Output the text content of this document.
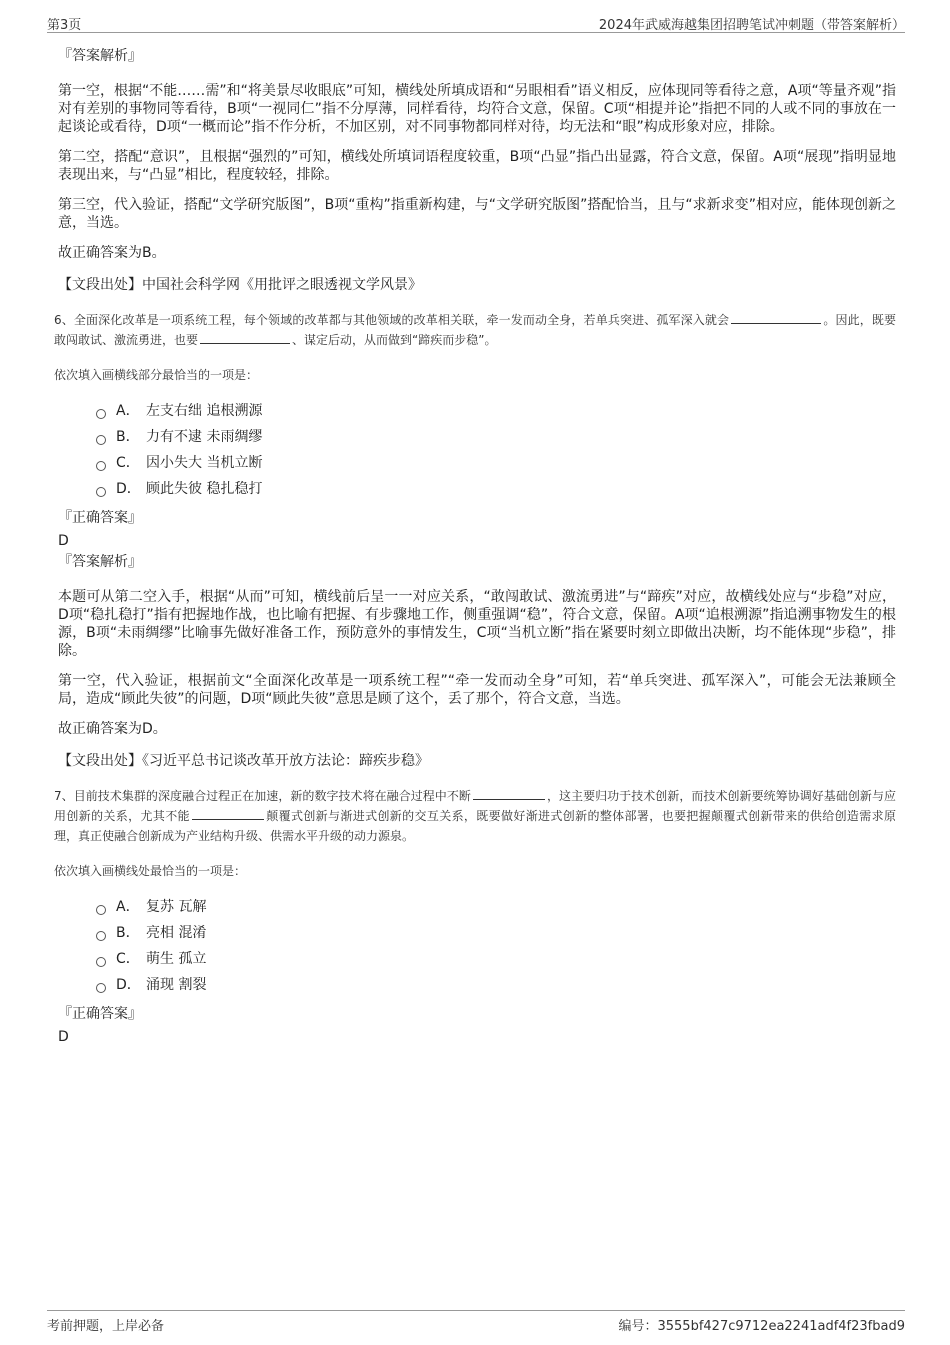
第3页	2024年武威海越集团招聘笔试冲刺题（带答案解析）
『答案解析』

第一空，根据“不能……需”和“将美景尽收眼底”可知，横线处所填成语和“另眼相看”语义相反，应体现同等看待之意，A项“等量齐观”指对有差别的事物同等看待，B项“一视同仁”指不分厚薄，同样看待，均符合文意，保留。C项“相提并论”指把不同的人或不同的事放在一起谈论或看待，D项“一概而论”指不作分析，不加区别，对不同事物都同样对待，均无法和“眼”构成形象对应，排除。

第二空，搭配“意识”，且根据“强烈的”可知，横线处所填词语程度较重，B项“凸显”指凸出显露，符合文意，保留。A项“展现”指明显地表现出来，与“凸显”相比，程度较轻，排除。

第三空，代入验证，搭配“文学研究版图”，B项“重构”指重新构建，与“文学研究版图”搭配恰当，且与“求新求变”相对应，能体现创新之意，当选。

故正确答案为B。

【文段出处】中国社会科学网《用批评之眼透视文学风景》

6、全面深化改革是一项系统工程，每个领域的改革都与其他领域的改革相关联，牵一发而动全身，若单兵突进、孤军深入就会	。因此，既要敢闯敢试、激流勇进，也要	、谋定后动，从而做到“蹄疾而步稳”。

依次填入画横线部分最恰当的一项是：

A． 左支右绌 追根溯源
B． 力有不逮 未雨绸缪
C． 因小失大 当机立断
D． 顾此失彼 稳扎稳打
『正确答案』
D
『答案解析』

本题可从第二空入手，根据“从而”可知，横线前后呈一一对应关系，“敢闯敢试、激流勇进”与“蹄疾”对应，故横线处应与“步稳”对应，D项“稳扎稳打”指有把握地作战，也比喻有把握、有步骤地工作，侧重强调“稳”，符合文意，保留。A项“追根溯源”指追溯事物发生的根源，B项“未雨绸缪”比喻事先做好准备工作，预防意外的事情发生，C项“当机立断”指在紧要时刻立即做出决断，均不能体现“步稳”，排除。

第一空，代入验证，根据前文“全面深化改革是一项系统工程”“牵一发而动全身”可知，若“单兵突进、孤军深入”，可能会无法兼顾全局，造成“顾此失彼”的问题，D项“顾此失彼”意思是顾了这个，丢了那个，符合文意，当选。

故正确答案为D。

【文段出处】《习近平总书记谈改革开放方法论：蹄疾步稳》

7、目前技术集群的深度融合过程正在加速，新的数字技术将在融合过程中不断	，这主要归功于技术创新，而技术创新要统筹协调好基础创新与应用创新的关系，尤其不能	颠覆式创新与渐进式创新的交互关系，既要做好渐进式创新的整体部署，也要把握颠覆式创新带来的供给创造需求原理，真正使融合创新成为产业结构升级、供需水平升级的动力源泉。

依次填入画横线处最恰当的一项是：

A． 复苏 瓦解
B． 亮相 混淆
C． 萌生 孤立
D． 涌现 割裂
『正确答案』
D
考前押题，上岸必备	编号：3555bf427c9712ea2241adf4f23fbad9
